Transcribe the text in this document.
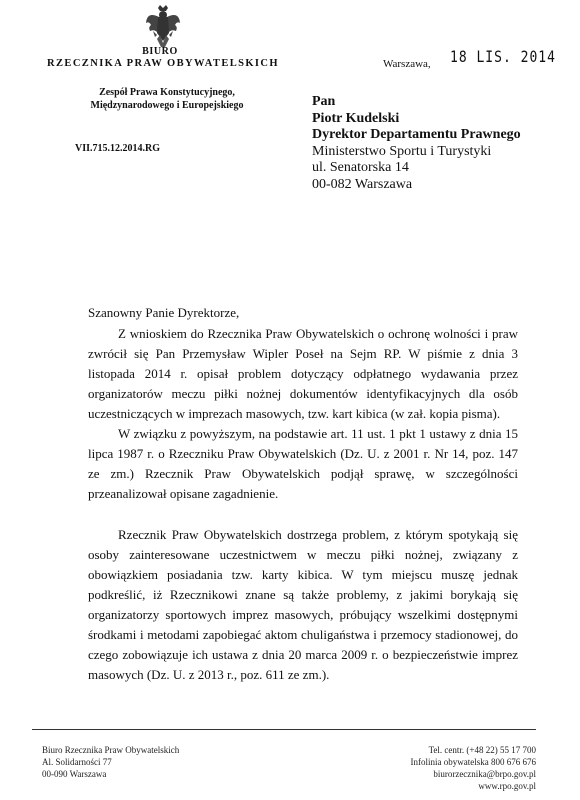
BIURO
RZECZNIKA PRAW OBYWATELSKICH
Zespół Prawa Konstytucyjnego,
Międzynarodowego i Europejskiego
VII.715.12.2014.RG
Warszawa, 18 LIS. 2014
Pan
Piotr Kudelski
Dyrektor Departamentu Prawnego
Ministerstwo Sportu i Turystyki
ul. Senatorska 14
00-082 Warszawa
Szanowny Panie Dyrektorze,
Z wnioskiem do Rzecznika Praw Obywatelskich o ochronę wolności i praw zwrócił się Pan Przemysław Wipler Poseł na Sejm RP. W piśmie z dnia 3 listopada 2014 r. opisał problem dotyczący odpłatnego wydawania przez organizatorów meczu piłki nożnej dokumentów identyfikacyjnych dla osób uczestniczących w imprezach masowych, tzw. kart kibica (w zał. kopia pisma).
W związku z powyższym, na podstawie art. 11 ust. 1 pkt 1 ustawy z dnia 15 lipca 1987 r. o Rzeczniku Praw Obywatelskich (Dz. U. z 2001 r. Nr 14, poz. 147 ze zm.) Rzecznik Praw Obywatelskich podjął sprawę, w szczególności przeanalizował opisane zagadnienie.
Rzecznik Praw Obywatelskich dostrzega problem, z którym spotykają się osoby zainteresowane uczestnictwem w meczu piłki nożnej, związany z obowiązkiem posiadania tzw. karty kibica. W tym miejscu muszę jednak podkreślić, iż Rzecznikowi znane są także problemy, z jakimi borykają się organizatorzy sportowych imprez masowych, próbujący wszelkimi dostępnymi środkami i metodami zapobiegać aktom chuligaństwa i przemocy stadionowej, do czego zobowiązuje ich ustawa z dnia 20 marca 2009 r. o bezpieczeństwie imprez masowych (Dz. U. z 2013 r., poz. 611 ze zm.).
Biuro Rzecznika Praw Obywatelskich
Al. Solidarności 77
00-090 Warszawa
Tel. centr. (+48 22) 55 17 700
Infolinia obywatelska 800 676 676
biurorzecznika@brpo.gov.pl
www.rpo.gov.pl
